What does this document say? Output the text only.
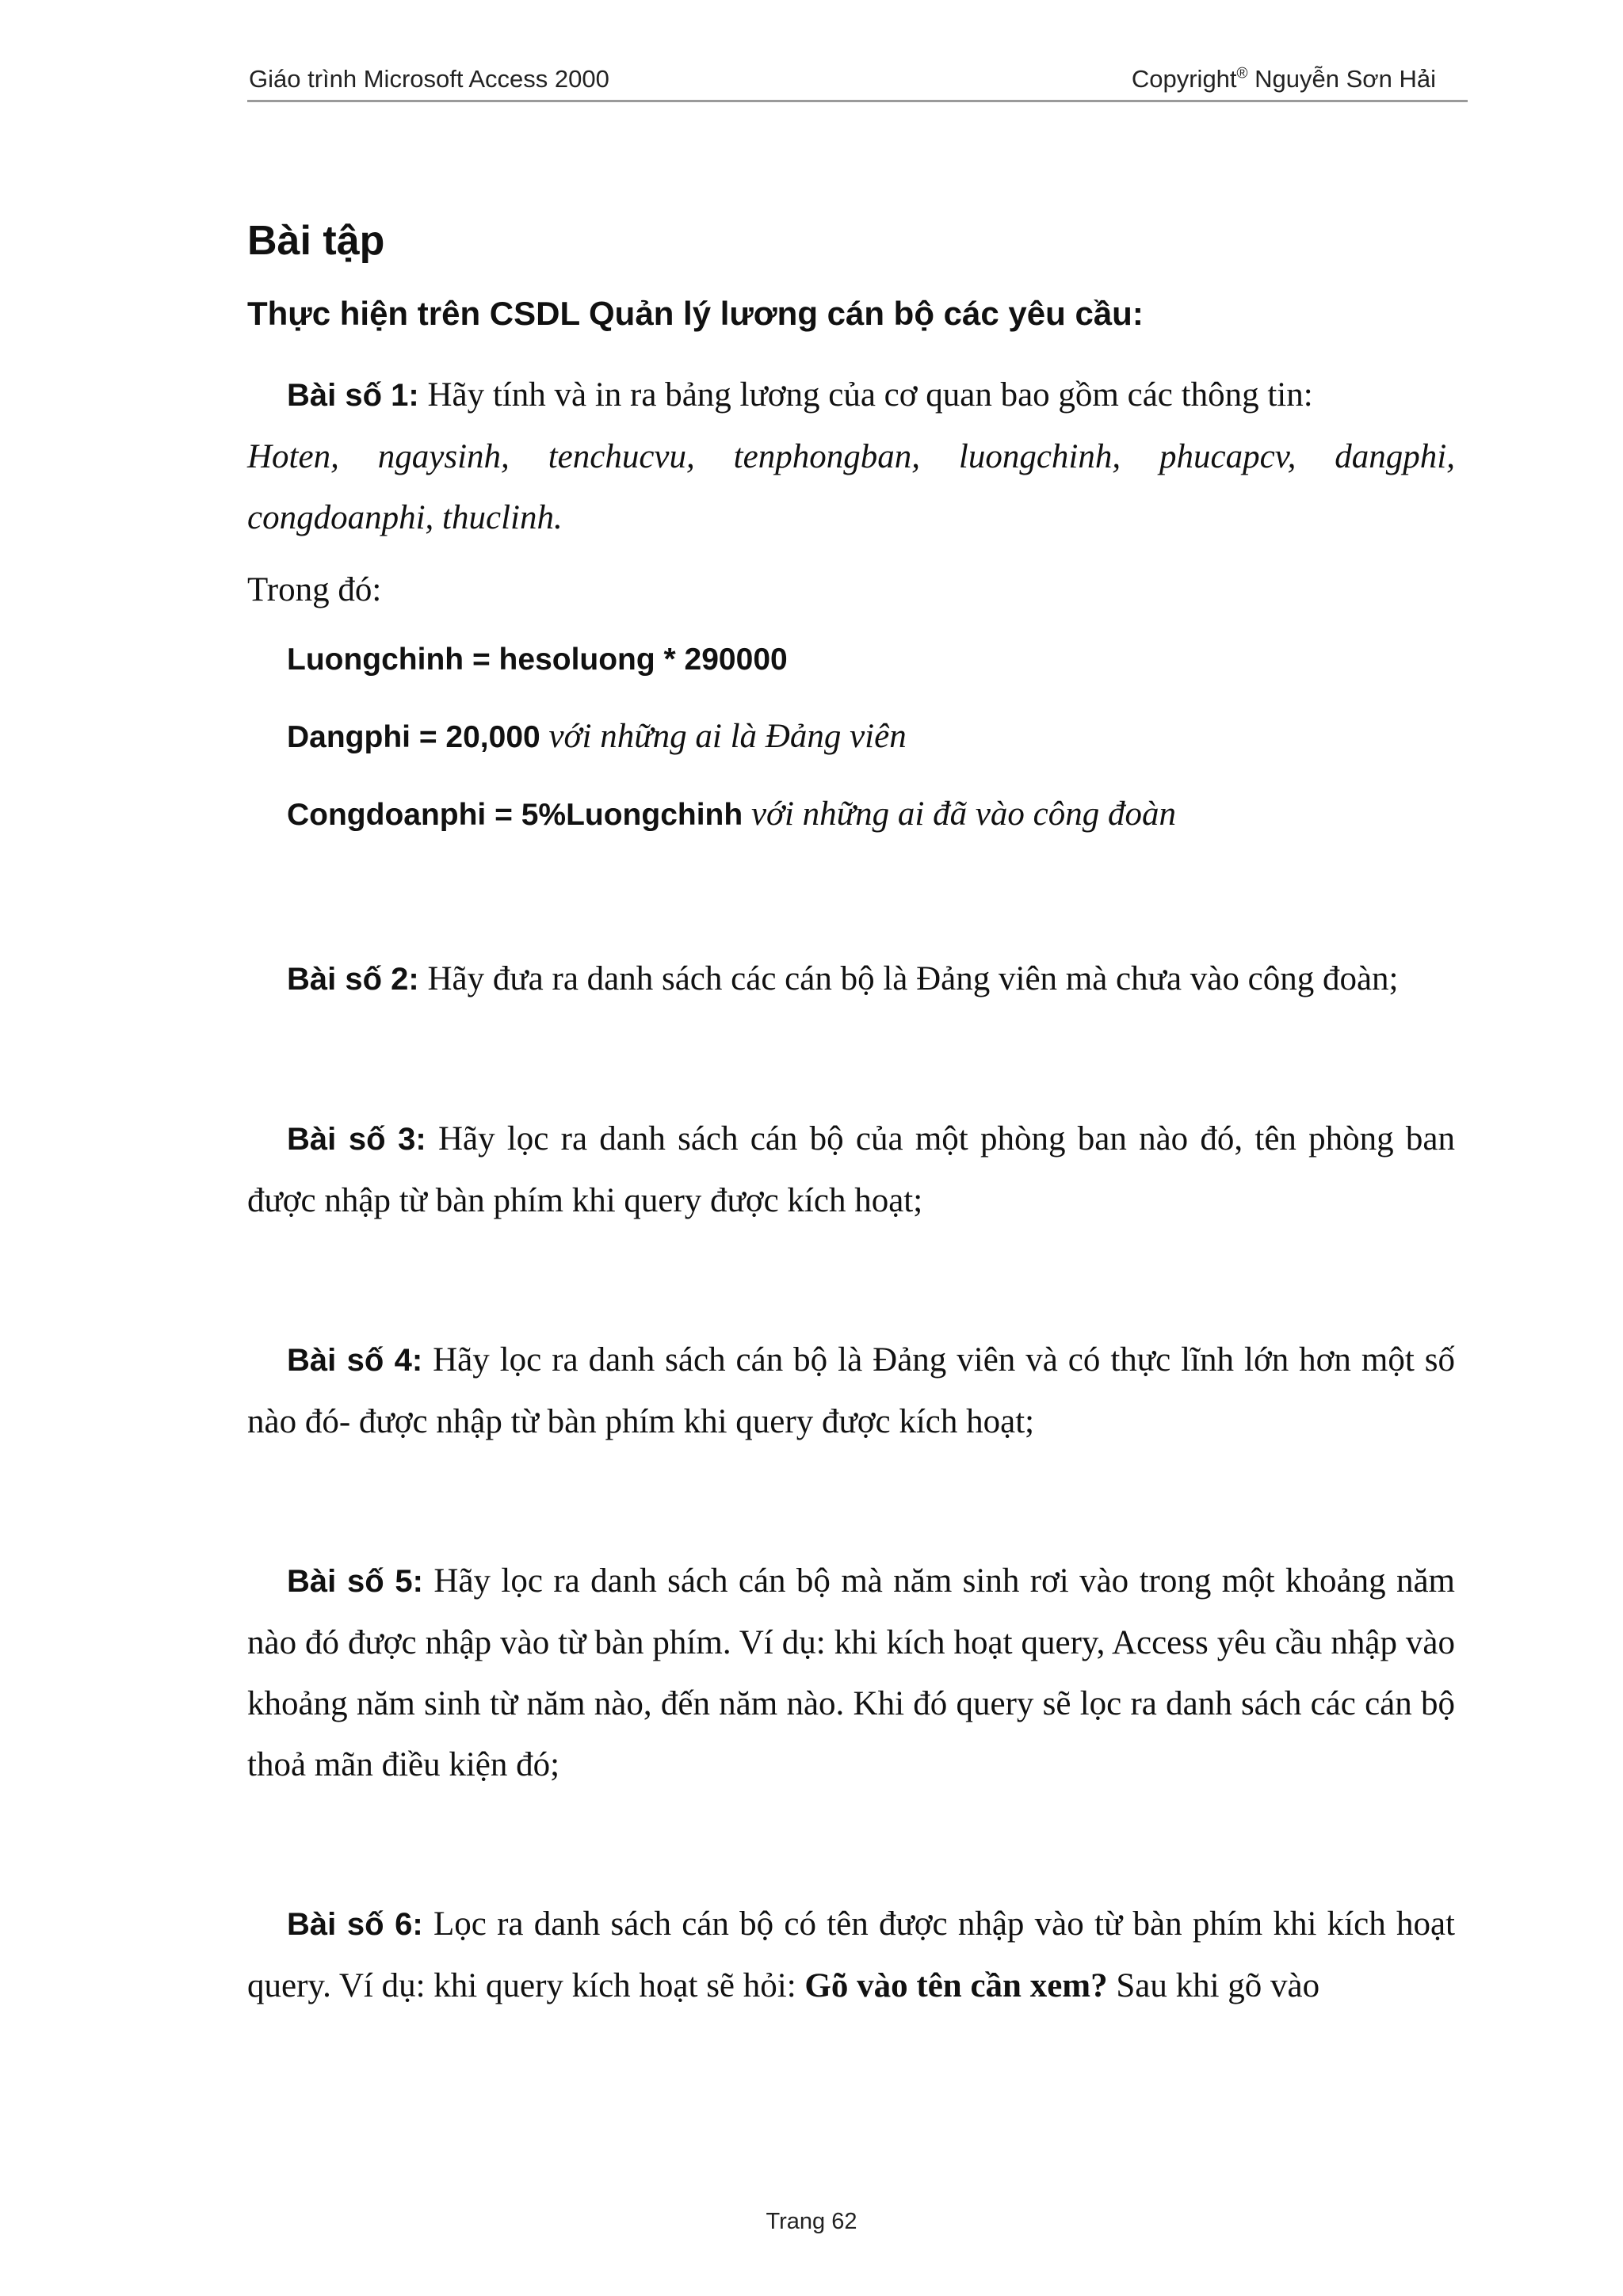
Giáo trình Microsoft Access 2000	Copyright® Nguyễn Sơn Hải
Bài tập
Thực hiện trên CSDL Quản lý lương cán bộ các yêu cầu:

Bài số 1: Hãy tính và in ra bảng lương của cơ quan bao gồm các thông tin:

Hoten, ngaysinh, tenchucvu, tenphongban, luongchinh, phucapcv, dangphi, congdoanphi, thuclinh.

Trong đó:

Luongchinh = hesoluong * 290000

Dangphi = 20,000 với những ai là Đảng viên

Congdoanphi = 5%Luongchinh với những ai đã vào công đoàn

Bài số 2: Hãy đưa ra danh sách các cán bộ là Đảng viên mà chưa vào công đoàn;

Bài số 3: Hãy lọc ra danh sách cán bộ của một phòng ban nào đó, tên phòng ban được nhập từ bàn phím khi query được kích hoạt;

Bài số 4: Hãy lọc ra danh sách cán bộ là Đảng viên và có thực lĩnh lớn hơn một số nào đó- được nhập từ bàn phím khi query được kích hoạt;

Bài số 5: Hãy lọc ra danh sách cán bộ mà năm sinh rơi vào trong một khoảng năm nào đó được nhập vào từ bàn phím. Ví dụ: khi kích hoạt query, Access yêu cầu nhập vào khoảng năm sinh từ năm nào, đến năm nào. Khi đó query sẽ lọc ra danh sách các cán bộ thoả mãn điều kiện đó;

Bài số 6: Lọc ra danh sách cán bộ có tên được nhập vào từ bàn phím khi kích hoạt query. Ví dụ: khi query kích hoạt sẽ hỏi: Gõ vào tên cần xem? Sau khi gõ vào

Trang 62
